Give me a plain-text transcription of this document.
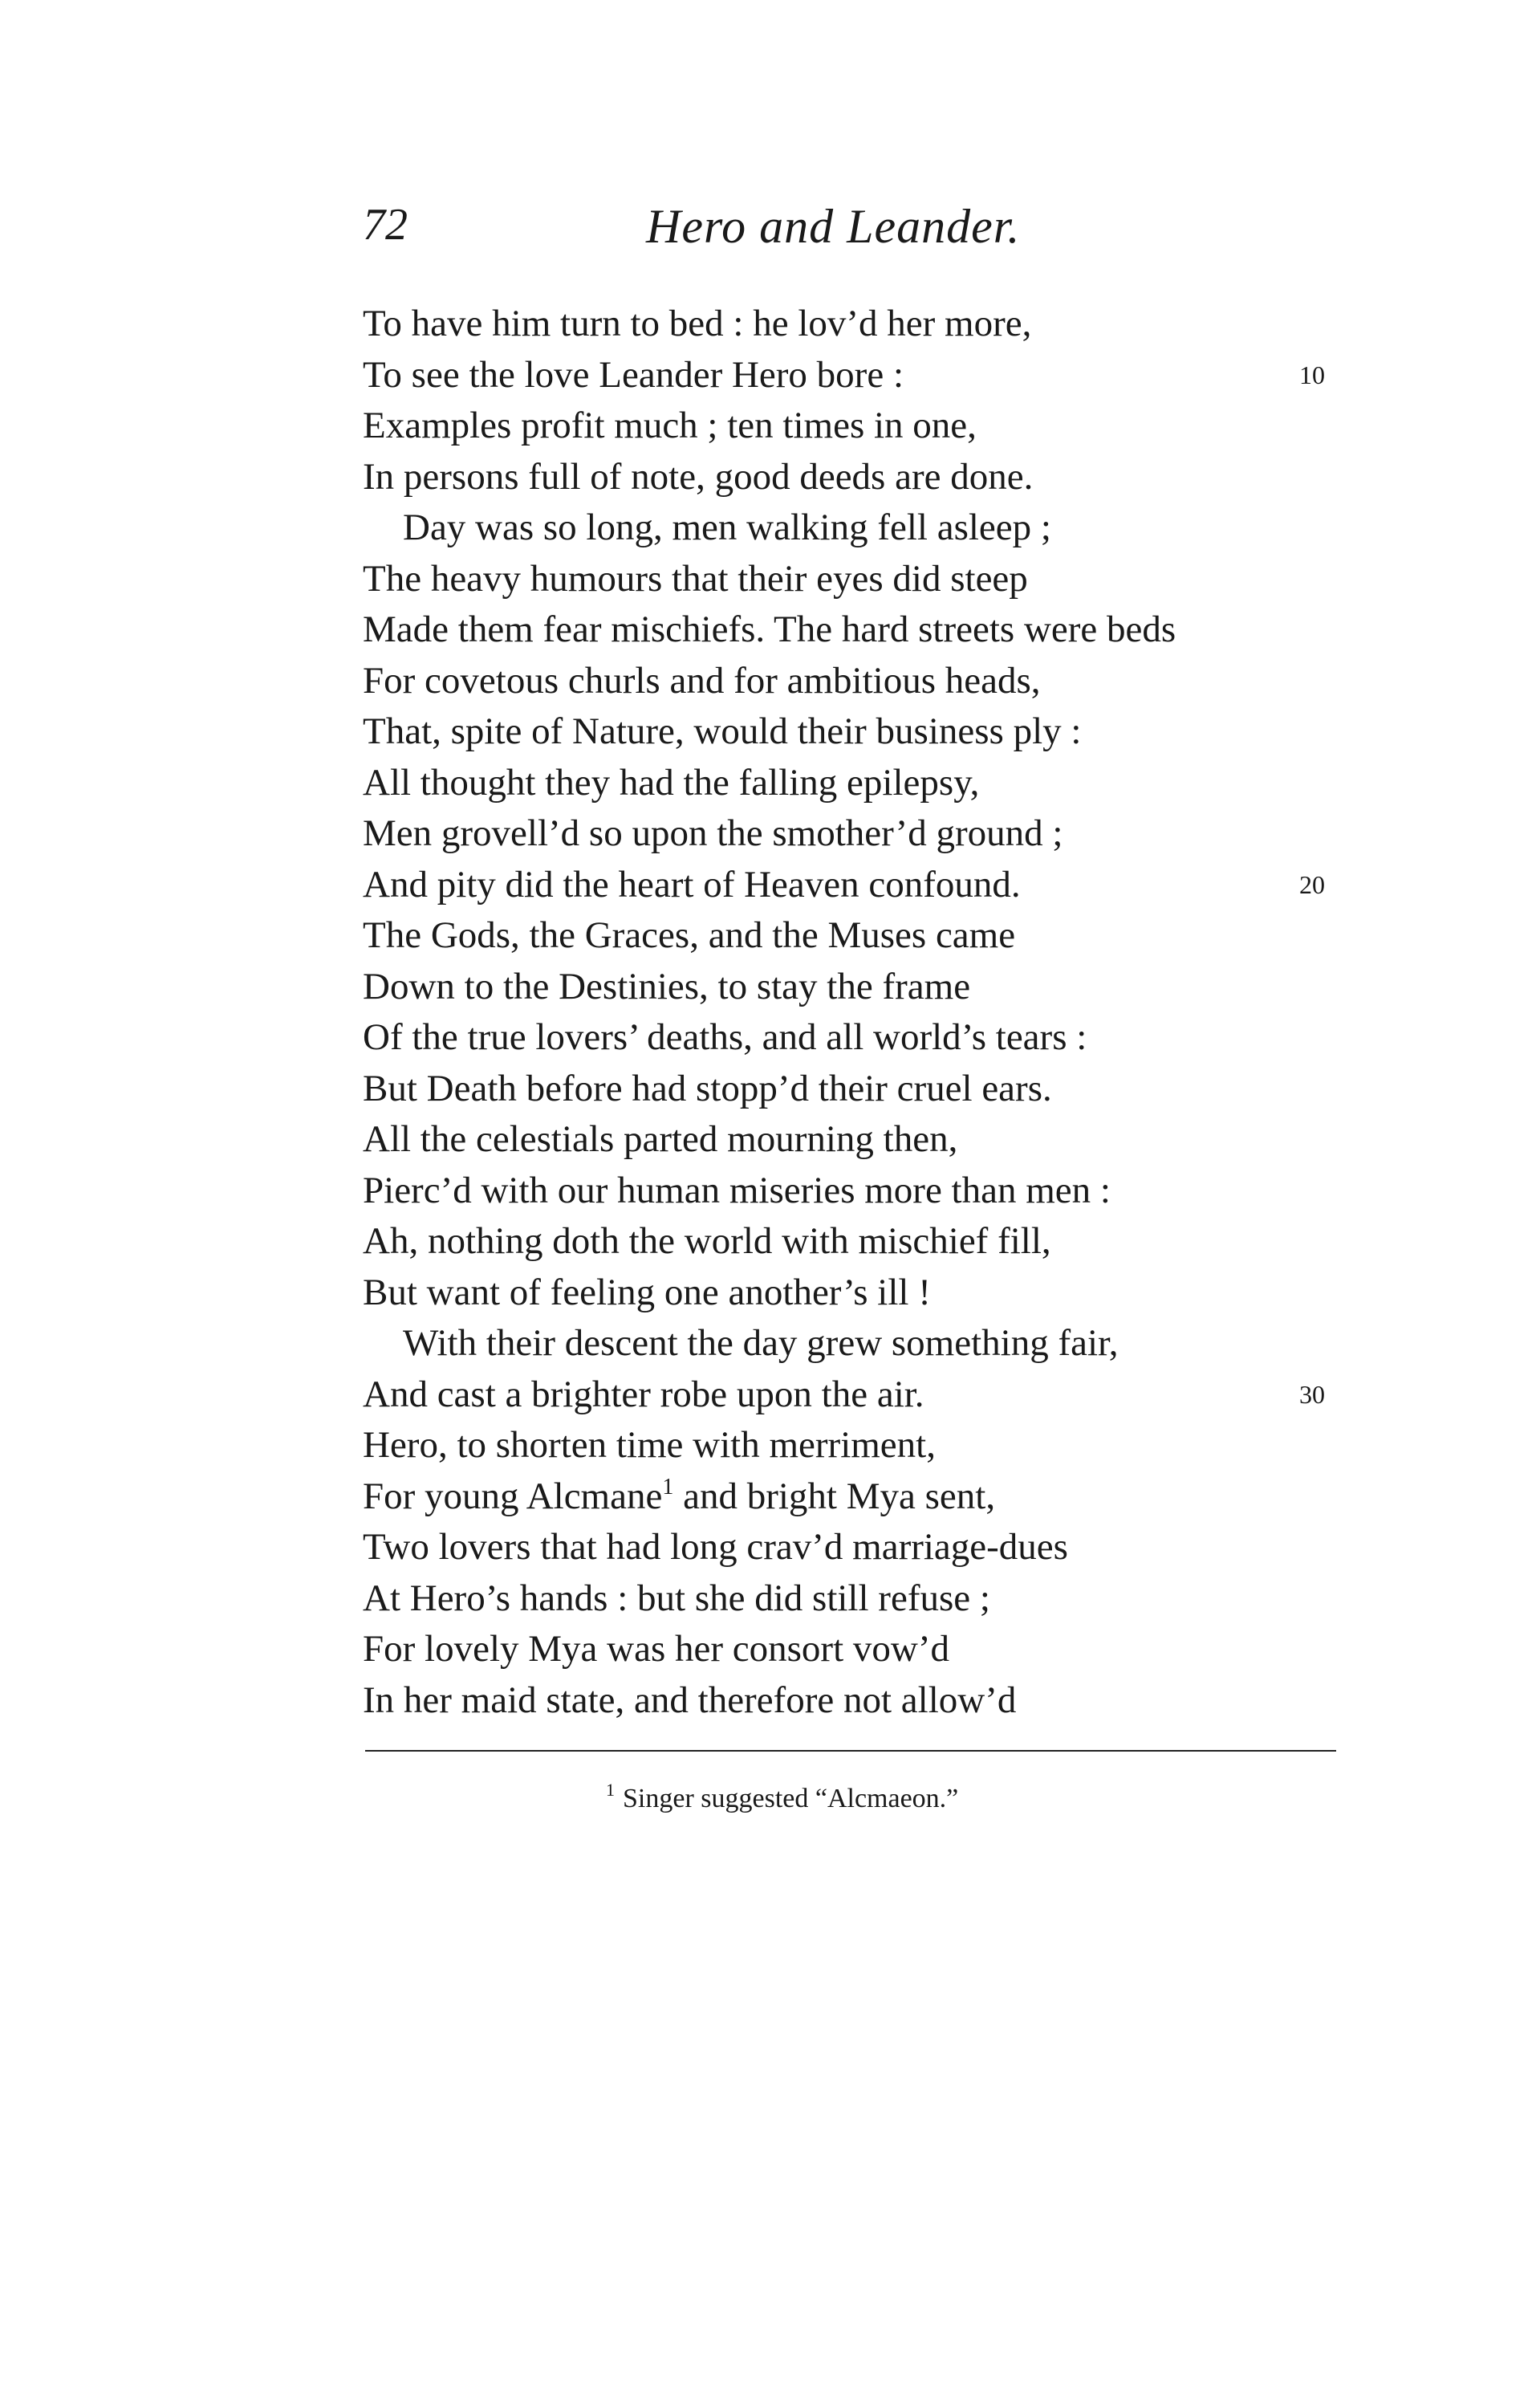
72	Hero and Leander.
To have him turn to bed : he lov’d her more,
To see the love Leander Hero bore :	10
Examples profit much ; ten times in one,
In persons full of note, good deeds are done.
Day was so long, men walking fell asleep ;
The heavy humours that their eyes did steep
Made them fear mischiefs. The hard streets were beds
For covetous churls and for ambitious heads,
That, spite of Nature, would their business ply :
All thought they had the falling epilepsy,
Men grovell’d so upon the smother’d ground ;
And pity did the heart of Heaven confound.	20
The Gods, the Graces, and the Muses came
Down to the Destinies, to stay the frame
Of the true lovers’ deaths, and all world’s tears :
But Death before had stopp’d their cruel ears.
All the celestials parted mourning then,
Pierc’d with our human miseries more than men :
Ah, nothing doth the world with mischief fill,
But want of feeling one another’s ill !
With their descent the day grew something fair,
And cast a brighter robe upon the air.	30
Hero, to shorten time with merriment,
For young Alcmane$^1$ and bright Mya sent,
Two lovers that had long crav’d marriage-dues
At Hero’s hands : but she did still refuse ;
For lovely Mya was her consort vow’d
In her maid state, and therefore not allow’d
$^1$ Singer suggested “Alcmaeon.”
